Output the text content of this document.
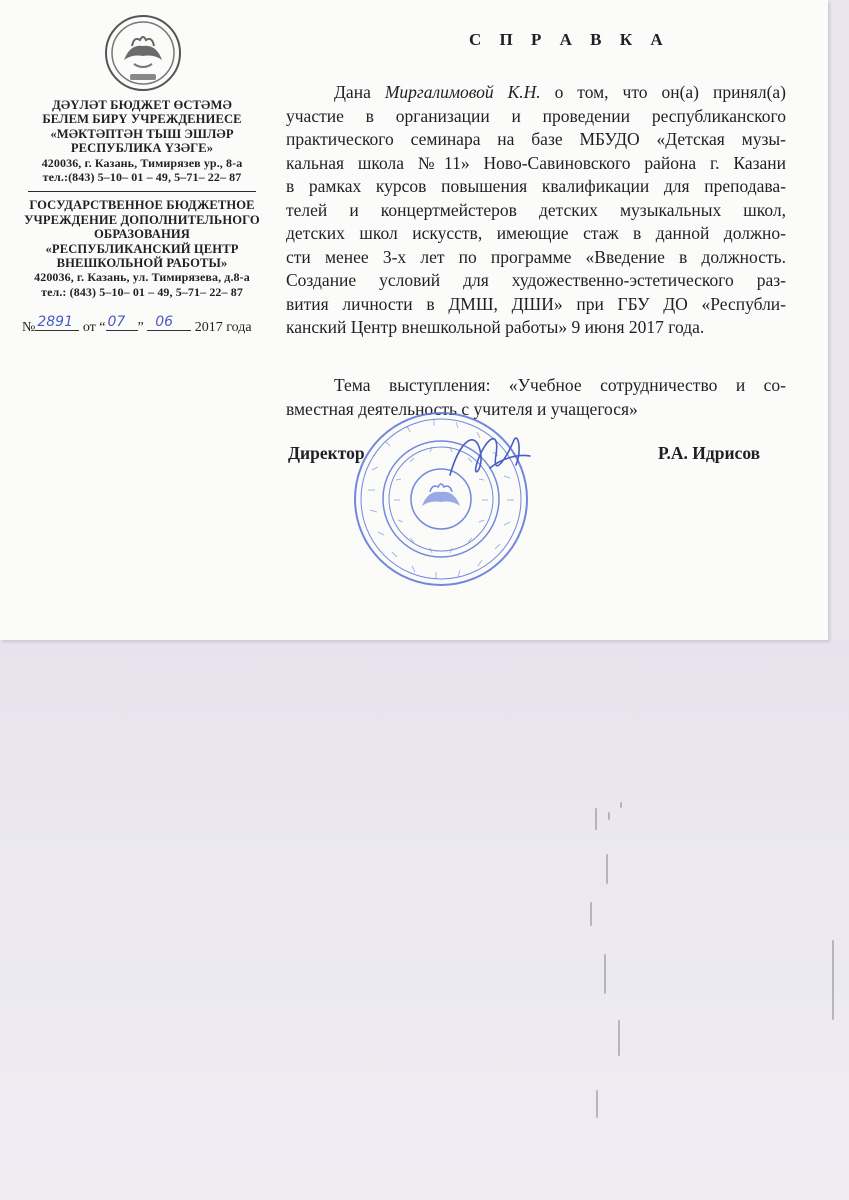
ДӘҮЛӘТ БЮДЖЕТ ӨСТӘМӘ
БЕЛЕМ БИРҮ УЧРЕЖДЕНИЕСЕ
«МӘКТӘПТӘН ТЫШ ЭШЛӘР
РЕСПУБЛИКА ҮЗӘГЕ»
420036, г. Казань, Тимирязев ур., 8-а
тел.:(843) 5–10– 01 – 49, 5–71– 22– 87
ГОСУДАРСТВЕННОЕ БЮДЖЕТНОЕ
УЧРЕЖДЕНИЕ ДОПОЛНИТЕЛЬНОГО
ОБРАЗОВАНИЯ
«РЕСПУБЛИКАНСКИЙ ЦЕНТР
ВНЕШКОЛЬНОЙ РАБОТЫ»
420036, г. Казань, ул. Тимирязева, д.8-а
тел.: (843) 5–10– 01 – 49, 5–71– 22– 87
№ 2891 от “ 07 ” 06 2017 года
С П Р А В К А
Дана Миргалимовой К.Н. о том, что он(а) принял(а)
участие в организации и проведении республиканского
практического семинара на базе МБУДО «Детская музы-
кальная школа №11» Ново-Савиновского района г. Казани
в рамках курсов повышения квалификации для преподава-
телей и концертмейстеров детских музыкальных школ,
детских школ искусств, имеющие стаж в данной должно-
сти менее 3-х лет по программе «Введение в должность.
Создание условий для художественно-эстетического раз-
вития личности в ДМШ, ДШИ» при ГБУ ДО «Республи-
канский Центр внешкольной работы» 9 июня 2017 года.
Тема выступления: «Учебное сотрудничество и со-
вместная деятельность с учителя и учащегося»
Директор	Р.А. Идрисов
